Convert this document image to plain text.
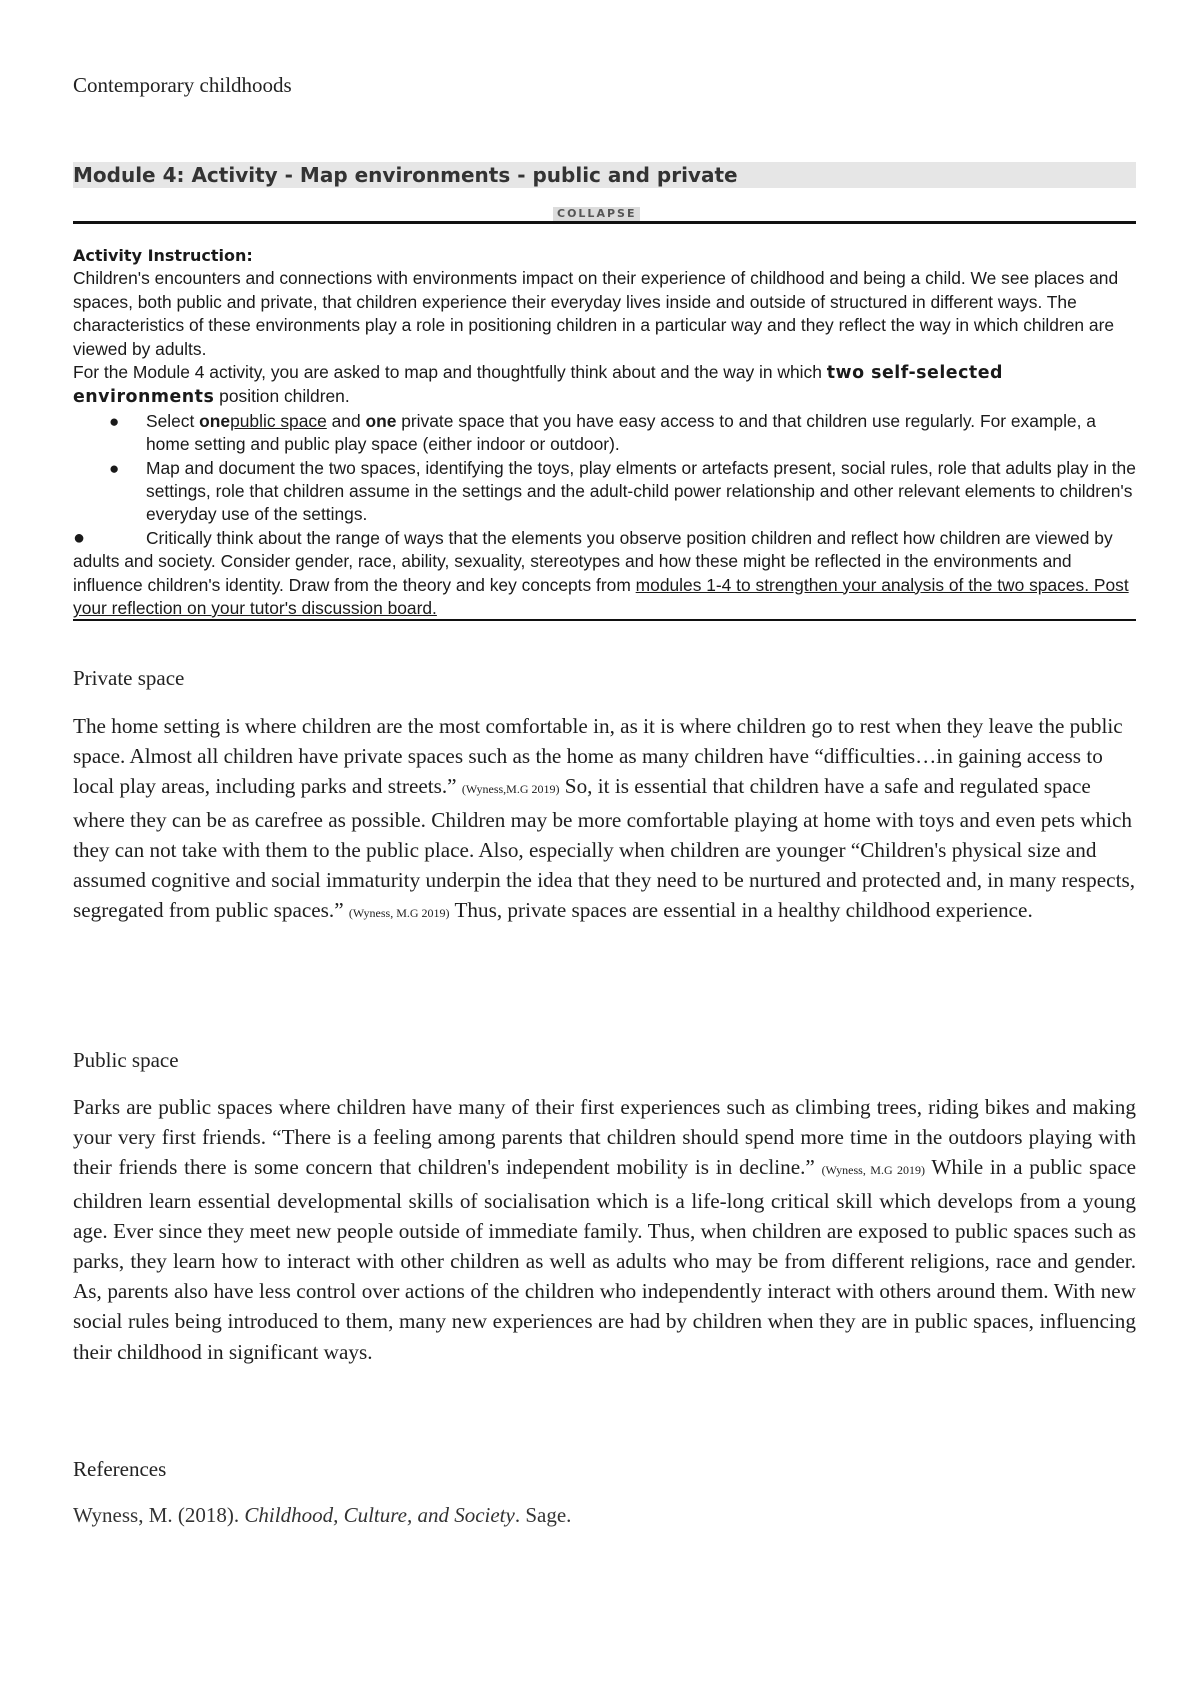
Contemporary childhoods
Module 4: Activity - Map environments - public and private
COLLAPSE
Activity Instruction:
Children's encounters and connections with environments impact on their experience of childhood and being a child. We see places and spaces, both public and private, that children experience their everyday lives inside and outside of structured in different ways. The characteristics of these environments play a role in positioning children in a particular way and they reflect the way in which children are viewed by adults.
For the Module 4 activity, you are asked to map and thoughtfully think about and the way in which two self-selected environments position children.
● Select onepublic space and one private space that you have easy access to and that children use regularly. For example, a home setting and public play space (either indoor or outdoor).
● Map and document the two spaces, identifying the toys, play elments or artefacts present, social rules, role that adults play in the settings, role that children assume in the settings and the adult-child power relationship and other relevant elements to children's everyday use of the settings.
●	Critically think about the range of ways that the elements you observe position children and reflect how children are viewed by adults and society. Consider gender, race, ability, sexuality, stereotypes and how these might be reflected in the environments and influence children's identity. Draw from the theory and key concepts from modules 1-4 to strengthen your analysis of the two spaces. Post your reflection on your tutor's discussion board.
Private space
The home setting is where children are the most comfortable in, as it is where children go to rest when they leave the public space. Almost all children have private spaces such as the home as many children have “difficulties…in gaining access to local play areas, including parks and streets.” (Wyness,M.G 2019) So, it is essential that children have a safe and regulated space where they can be as carefree as possible. Children may be more comfortable playing at home with toys and even pets which they can not take with them to the public place. Also, especially when children are younger “Children's physical size and assumed cognitive and social immaturity underpin the idea that they need to be nurtured and protected and, in many respects, segregated from public spaces.” (Wyness, M.G 2019) Thus, private spaces are essential in a healthy childhood experience.
Public space
Parks are public spaces where children have many of their first experiences such as climbing trees, riding bikes and making your very first friends. “There is a feeling among parents that children should spend more time in the outdoors playing with their friends there is some concern that children's independent mobility is in decline.” (Wyness, M.G 2019) While in a public space children learn essential developmental skills of socialisation which is a life-long critical skill which develops from a young age. Ever since they meet new people outside of immediate family. Thus, when children are exposed to public spaces such as parks, they learn how to interact with other children as well as adults who may be from different religions, race and gender. As, parents also have less control over actions of the children who independently interact with others around them. With new social rules being introduced to them, many new experiences are had by children when they are in public spaces, influencing their childhood in significant ways.
References
Wyness, M. (2018). Childhood, Culture, and Society. Sage.
